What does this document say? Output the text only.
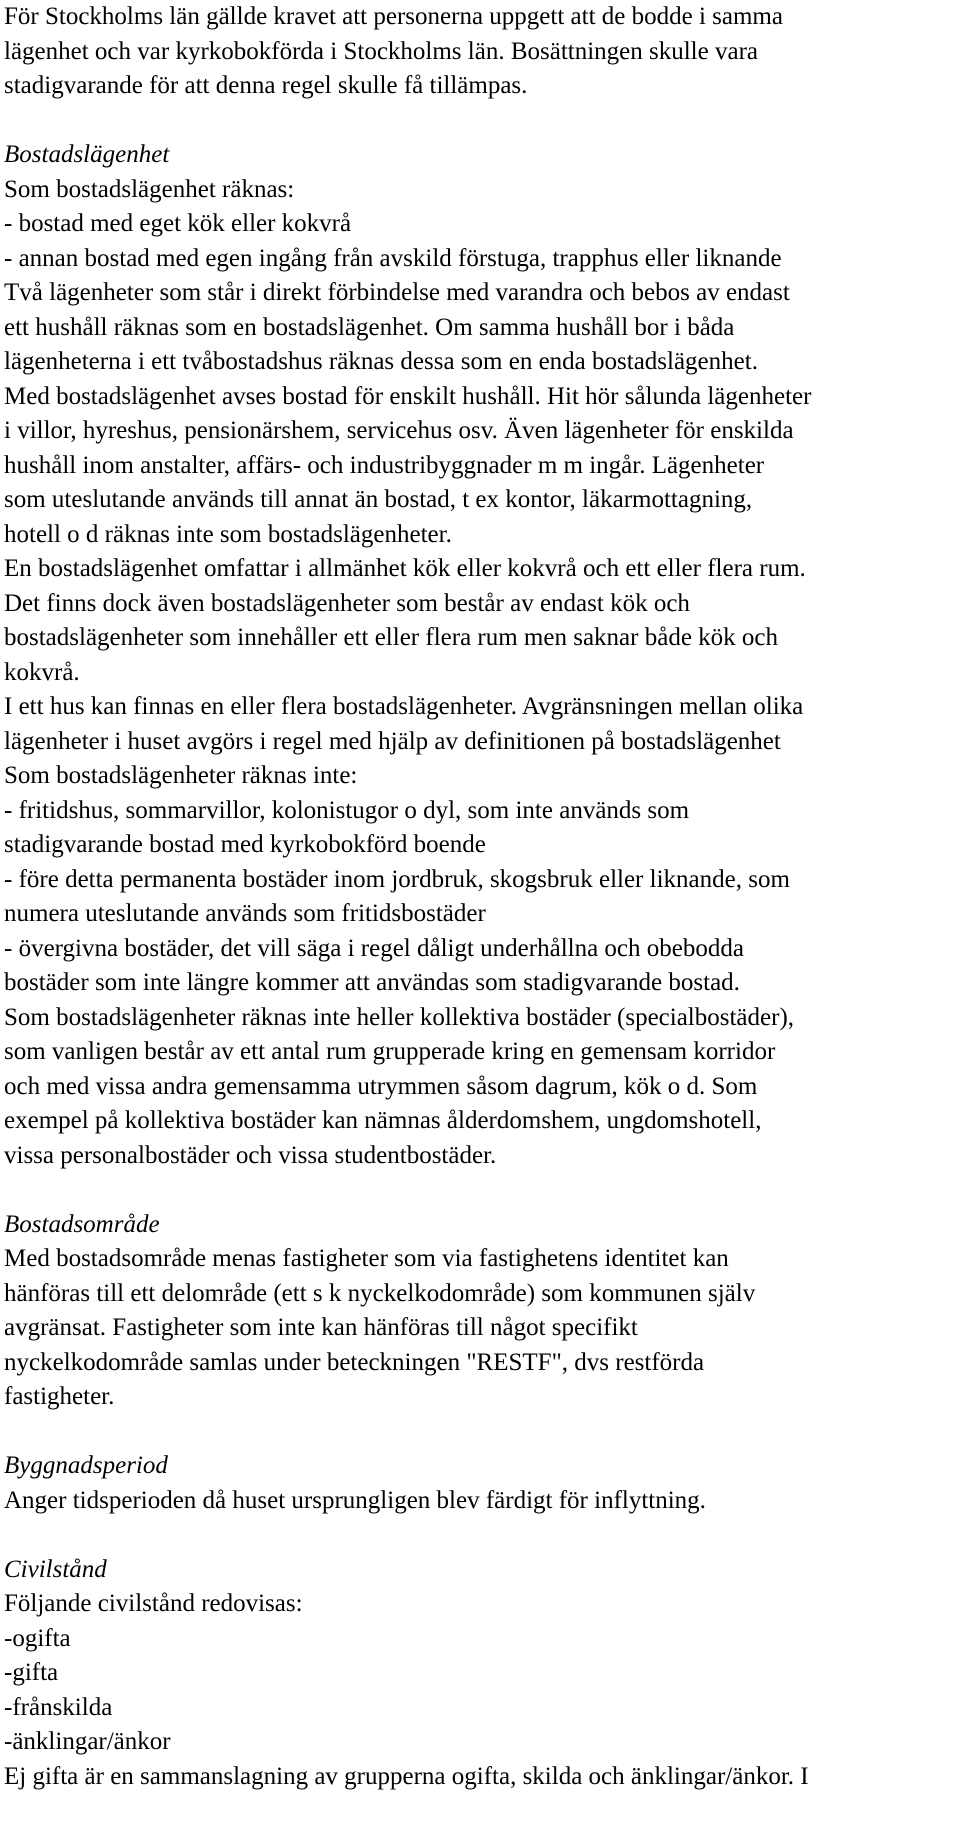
För Stockholms län gällde kravet att personerna uppgett att de bodde i samma
lägenhet och var kyrkobokförda i Stockholms län. Bosättningen skulle vara
stadigvarande för att denna regel skulle få tillämpas.
Bostadslägenhet
Som bostadslägenhet räknas:
- bostad med eget kök eller kokvrå
- annan bostad med egen ingång från avskild förstuga, trapphus eller liknande
Två lägenheter som står i direkt förbindelse med varandra och bebos av endast
ett hushåll räknas som en bostadslägenhet. Om samma hushåll bor i båda
lägenheterna i ett tvåbostadshus räknas dessa som en enda bostadslägenhet.
Med bostadslägenhet avses bostad för enskilt hushåll. Hit hör sålunda lägenheter
i villor, hyreshus, pensionärshem, servicehus osv. Även lägenheter för enskilda
hushåll inom anstalter, affärs- och industribyggnader m m ingår. Lägenheter
som uteslutande används till annat än bostad, t ex kontor, läkarmottagning,
hotell o d räknas inte som bostadslägenheter.
En bostadslägenhet omfattar i allmänhet kök eller kokvrå och ett eller flera rum.
Det finns dock även bostadslägenheter som består av endast kök och
bostadslägenheter som innehåller ett eller flera rum men saknar både kök och
kokvrå.
I ett hus kan finnas en eller flera bostadslägenheter. Avgränsningen mellan olika
lägenheter i huset avgörs i regel med hjälp av definitionen på bostadslägenhet
Som bostadslägenheter räknas inte:
- fritidshus, sommarvillor, kolonistugor o dyl, som inte används som
stadigvarande bostad med kyrkobokförd boende
- före detta permanenta bostäder inom jordbruk, skogsbruk eller liknande, som
numera uteslutande används som fritidsbostäder
- övergivna bostäder, det vill säga i regel dåligt underhållna och obebodda
bostäder som inte längre kommer att användas som stadigvarande bostad.
Som bostadslägenheter räknas inte heller kollektiva bostäder (specialbostäder),
som vanligen består av ett antal rum grupperade kring en gemensam korridor
och med vissa andra gemensamma utrymmen såsom dagrum, kök o d. Som
exempel på kollektiva bostäder kan nämnas ålderdomshem, ungdomshotell,
vissa personalbostäder och vissa studentbostäder.
Bostadsområde
Med bostadsområde menas fastigheter som via fastighetens identitet kan
hänföras till ett delområde (ett s k nyckelkodområde) som kommunen själv
avgränsat. Fastigheter som inte kan hänföras till något specifikt
nyckelkodområde samlas under beteckningen "RESTF", dvs restförda
fastigheter.
Byggnadsperiod
Anger tidsperioden då huset ursprungligen blev färdigt för inflyttning.
Civilstånd
Följande civilstånd redovisas:
-ogifta
-gifta
-frånskilda
-änklingar/änkor
Ej gifta är en sammanslagning av grupperna ogifta, skilda och änklingar/änkor. I
